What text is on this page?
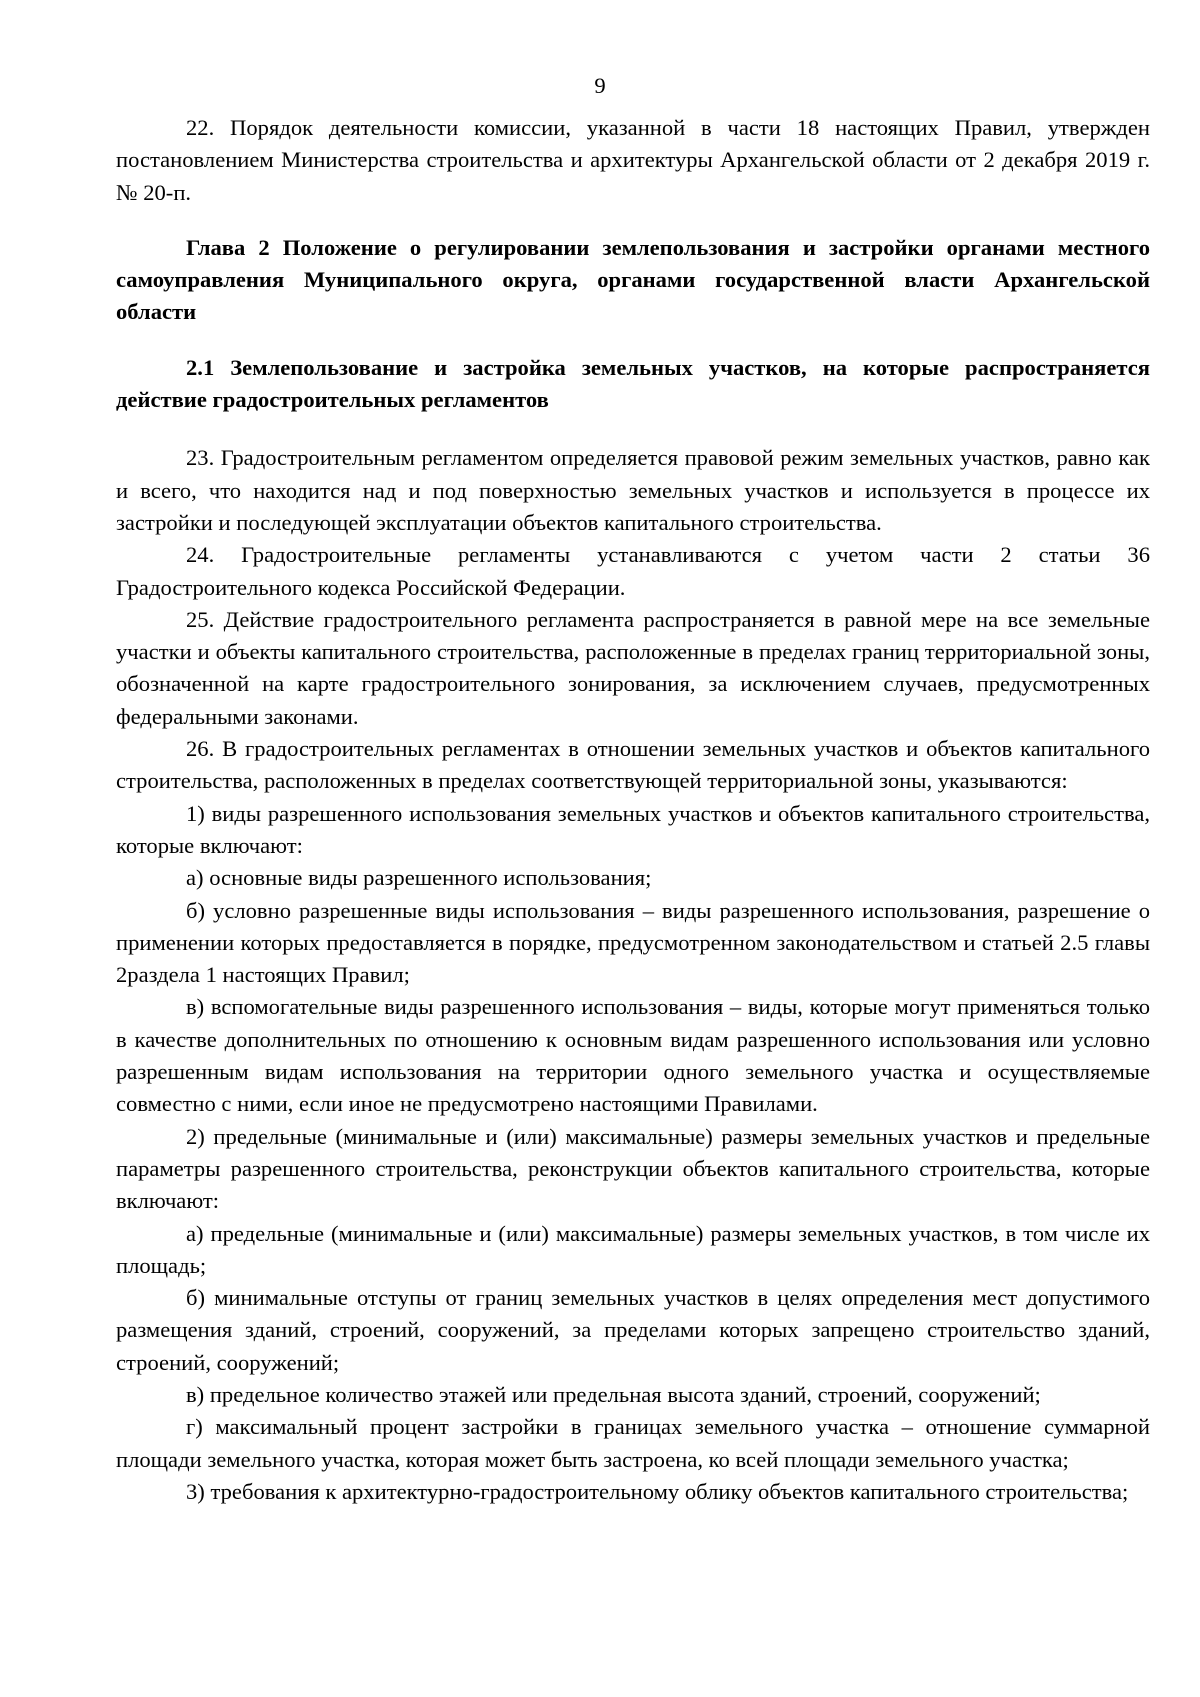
9

22. Порядок деятельности комиссии, указанной в части 18 настоящих Правил, утвержден постановлением Министерства строительства и архитектуры Архангельской области от 2 декабря 2019 г. № 20-п.

Глава 2 Положение о регулировании землепользования и застройки органами местного самоуправления Муниципального округа, органами государственной власти Архангельской области

2.1 Землепользование и застройка земельных участков, на которые распространяется действие градостроительных регламентов

23. Градостроительным регламентом определяется правовой режим земельных участков, равно как и всего, что находится над и под поверхностью земельных участков и используется в процессе их застройки и последующей эксплуатации объектов капитального строительства.

24. Градостроительные регламенты устанавливаются с учетом части 2 статьи 36 Градостроительного кодекса Российской Федерации.

25. Действие градостроительного регламента распространяется в равной мере на все земельные участки и объекты капитального строительства, расположенные в пределах границ территориальной зоны, обозначенной на карте градостроительного зонирования, за исключением случаев, предусмотренных федеральными законами.

26. В градостроительных регламентах в отношении земельных участков и объектов капитального строительства, расположенных в пределах соответствующей территориальной зоны, указываются:

1) виды разрешенного использования земельных участков и объектов капитального строительства, которые включают:

а) основные виды разрешенного использования;

б) условно разрешенные виды использования – виды разрешенного использования, разрешение о применении которых предоставляется в порядке, предусмотренном законодательством и статьей 2.5 главы 2раздела 1 настоящих Правил;

в) вспомогательные виды разрешенного использования – виды, которые могут применяться только в качестве дополнительных по отношению к основным видам разрешенного использования или условно разрешенным видам использования на территории одного земельного участка и осуществляемые совместно с ними, если иное не предусмотрено настоящими Правилами.

2) предельные (минимальные и (или) максимальные) размеры земельных участков и предельные параметры разрешенного строительства, реконструкции объектов капитального строительства, которые включают:

а) предельные (минимальные и (или) максимальные) размеры земельных участков, в том числе их площадь;

б) минимальные отступы от границ земельных участков в целях определения мест допустимого размещения зданий, строений, сооружений, за пределами которых запрещено строительство зданий, строений, сооружений;

в) предельное количество этажей или предельная высота зданий, строений, сооружений;

г) максимальный процент застройки в границах земельного участка – отношение суммарной площади земельного участка, которая может быть застроена, ко всей площади земельного участка;

3) требования к архитектурно-градостроительному облику объектов капитального строительства;
